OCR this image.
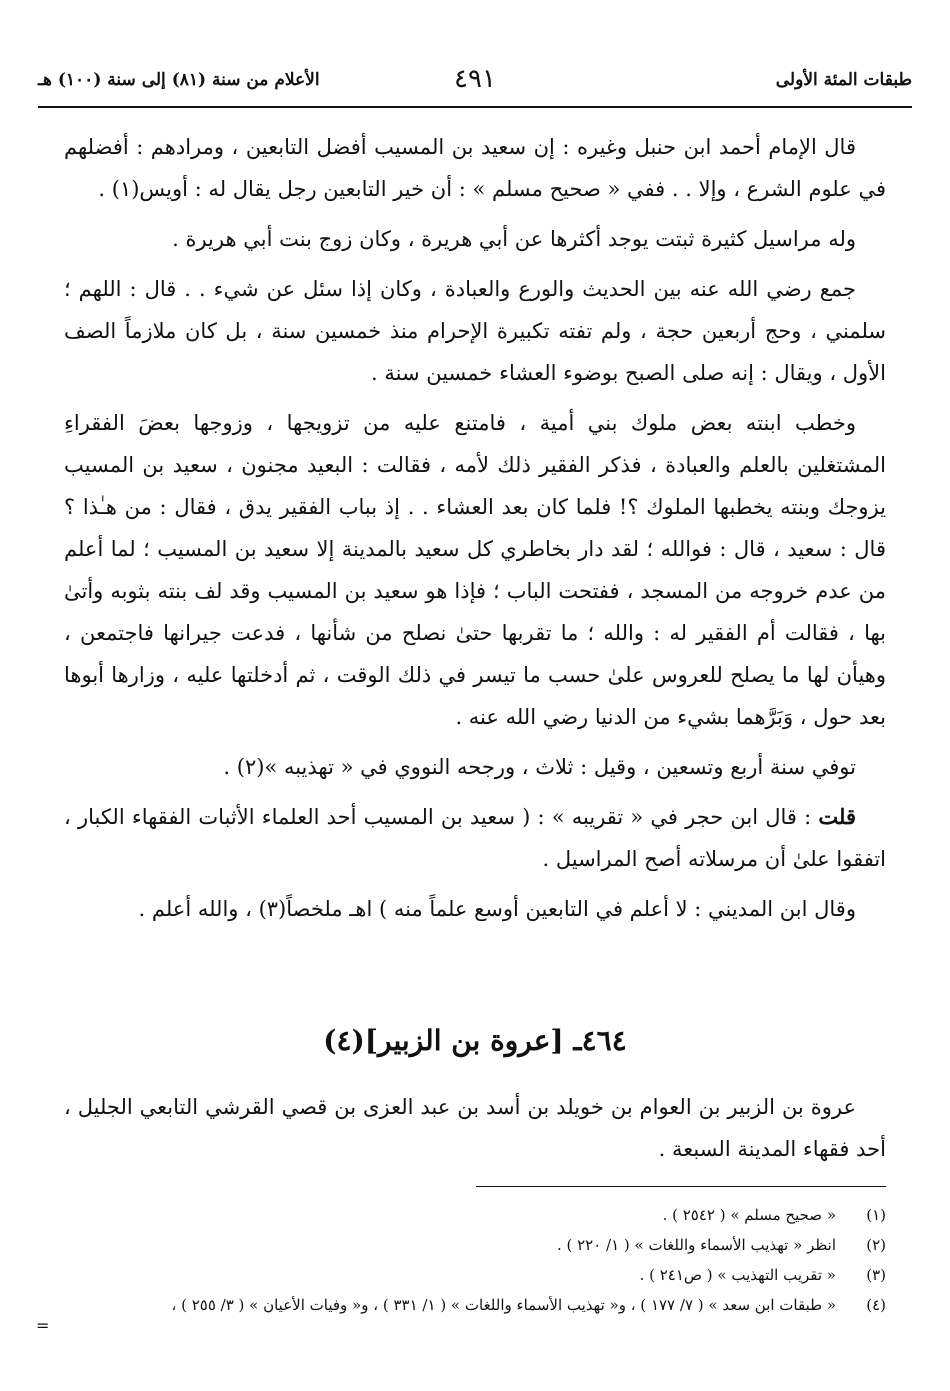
طبقات المئة الأولى
٤٩١
الأعلام من سنة (٨١) إلى سنة (١٠٠) هـ

قال الإمام أحمد ابن حنبل وغيره : إن سعيد بن المسيب أفضل التابعين ، ومرادهم : أفضلهم في علوم الشرع ، وإلا . . ففي « صحيح مسلم » : أن خير التابعين رجل يقال له : أويس(١) .

وله مراسيل كثيرة ثبتت يوجد أكثرها عن أبي هريرة ، وكان زوج بنت أبي هريرة .

جمع رضي الله عنه بين الحديث والورع والعبادة ، وكان إذا سئل عن شيء . . قال : اللهم ؛ سلمني ، وحج أربعين حجة ، ولم تفته تكبيرة الإحرام منذ خمسين سنة ، بل كان ملازماً الصف الأول ، ويقال : إنه صلى الصبح بوضوء العشاء خمسين سنة .

وخطب ابنته بعض ملوك بني أمية ، فامتنع عليه من تزويجها ، وزوجها بعضَ الفقراءِ المشتغلين بالعلم والعبادة ، فذكر الفقير ذلك لأمه ، فقالت : البعيد مجنون ، سعيد بن المسيب يزوجك وبنته يخطبها الملوك ؟! فلما كان بعد العشاء . . إذ بباب الفقير يدق ، فقال : من هـٰذا ؟ قال : سعيد ، قال : فوالله ؛ لقد دار بخاطري كل سعيد بالمدينة إلا سعيد بن المسيب ؛ لما أعلم من عدم خروجه من المسجد ، ففتحت الباب ؛ فإذا هو سعيد بن المسيب وقد لف بنته بثوبه وأتىٰ بها ، فقالت أم الفقير له : والله ؛ ما تقربها حتىٰ نصلح من شأنها ، فدعت جيرانها فاجتمعن ، وهيأن لها ما يصلح للعروس علىٰ حسب ما تيسر في ذلك الوقت ، ثم أدخلتها عليه ، وزارها أبوها بعد حول ، وَبَرَّهما بشيء من الدنيا رضي الله عنه .

توفي سنة أربع وتسعين ، وقيل : ثلاث ، ورجحه النووي في « تهذيبه »(٢) .

قلت : قال ابن حجر في « تقريبه » : ( سعيد بن المسيب أحد العلماء الأثبات الفقهاء الكبار ، اتفقوا علىٰ أن مرسلاته أصح المراسيل .

وقال ابن المديني : لا أعلم في التابعين أوسع علماً منه ) اهـ ملخصاً(٣) ، والله أعلم .

٤٦٤ـ [عروة بن الزبير](٤)

عروة بن الزبير بن العوام بن خويلد بن أسد بن عبد العزى بن قصي القرشي التابعي الجليل ، أحد فقهاء المدينة السبعة .

(١)
« صحيح مسلم » ( ٢٥٤٢ ) .
(٢)
انظر « تهذيب الأسماء واللغات » ( ١/ ٢٢٠ ) .
(٣)
« تقريب التهذيب » ( ص٢٤١ ) .
(٤)
« طبقات ابن سعد » ( ٧/ ١٧٧ ) ، و« تهذيب الأسماء واللغات » ( ١/ ٣٣١ ) ، و« وفيات الأعيان » ( ٣/ ٢٥٥ ) ،
=
